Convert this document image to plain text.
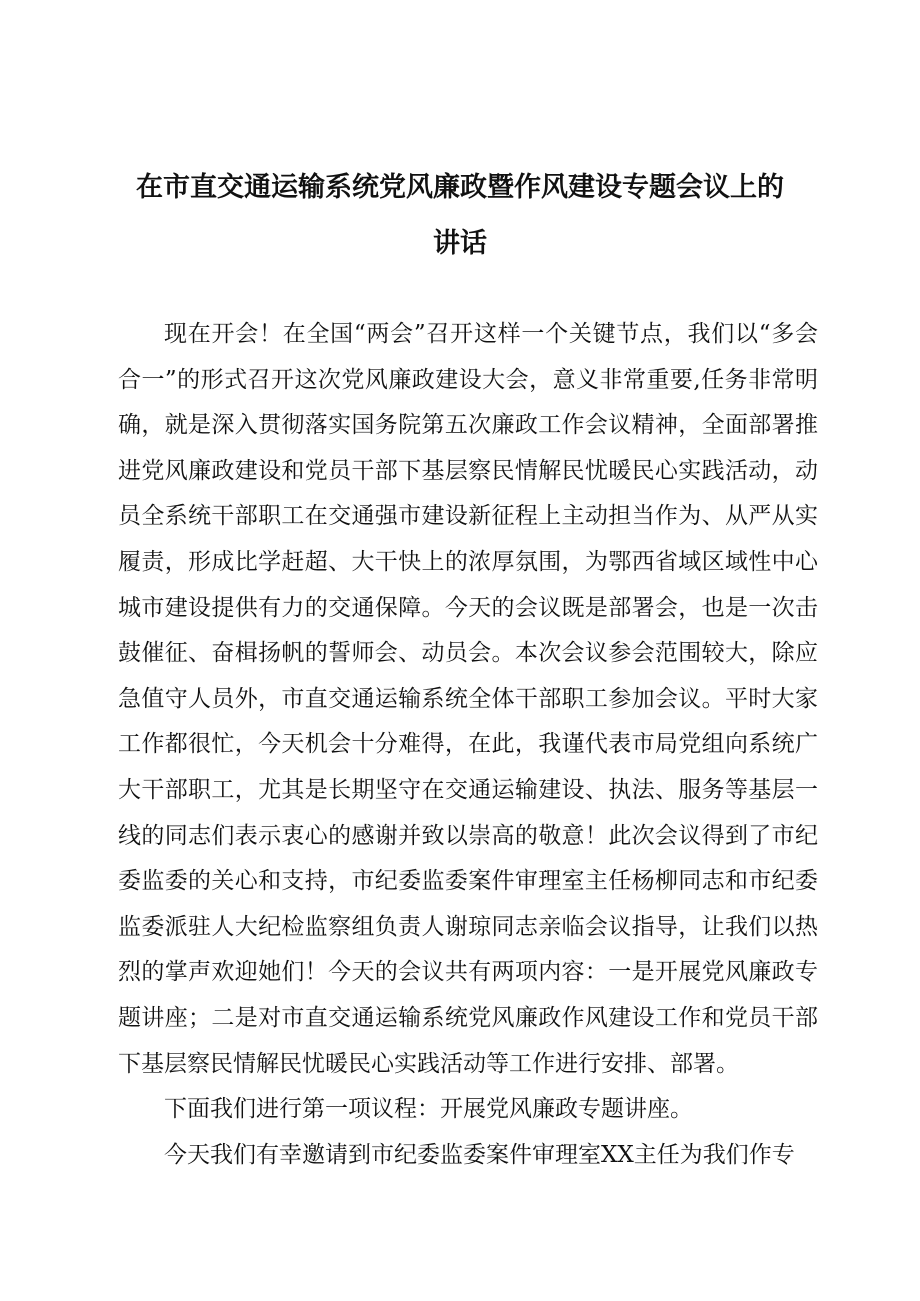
在市直交通运输系统党风廉政暨作风建设专题会议上的
讲话

现在开会！在全国“两会”召开这样一个关键节点，我们以“多会合一”的形式召开这次党风廉政建设大会，意义非常重要,任务非常明确，就是深入贯彻落实国务院第五次廉政工作会议精神，全面部署推进党风廉政建设和党员干部下基层察民情解民忧暖民心实践活动，动员全系统干部职工在交通强市建设新征程上主动担当作为、从严从实履责，形成比学赶超、大干快上的浓厚氛围，为鄂西省域区域性中心城市建设提供有力的交通保障。今天的会议既是部署会，也是一次击鼓催征、奋楫扬帆的誓师会、动员会。本次会议参会范围较大，除应急值守人员外，市直交通运输系统全体干部职工参加会议。平时大家工作都很忙，今天机会十分难得，在此，我谨代表市局党组向系统广大干部职工，尤其是长期坚守在交通运输建设、执法、服务等基层一线的同志们表示衷心的感谢并致以崇高的敬意！此次会议得到了市纪委监委的关心和支持，市纪委监委案件审理室主任杨柳同志和市纪委监委派驻人大纪检监察组负责人谢琼同志亲临会议指导，让我们以热烈的掌声欢迎她们！今天的会议共有两项内容：一是开展党风廉政专题讲座；二是对市直交通运输系统党风廉政作风建设工作和党员干部下基层察民情解民忧暖民心实践活动等工作进行安排、部署。

下面我们进行第一项议程：开展党风廉政专题讲座。

今天我们有幸邀请到市纪委监委案件审理室XX主任为我们作专
